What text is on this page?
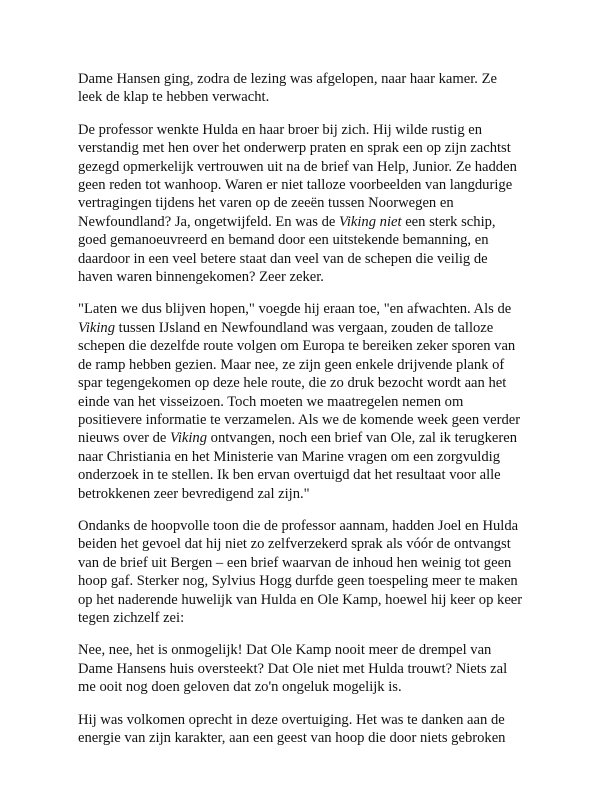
Dame Hansen ging, zodra de lezing was afgelopen, naar haar kamer. Ze
leek de klap te hebben verwacht.

De professor wenkte Hulda en haar broer bij zich. Hij wilde rustig en
verstandig met hen over het onderwerp praten en sprak een op zijn zachtst
gezegd opmerkelijk vertrouwen uit na de brief van Help, Junior. Ze hadden
geen reden tot wanhoop. Waren er niet talloze voorbeelden van langdurige
vertragingen tijdens het varen op de zeeën tussen Noorwegen en
Newfoundland? Ja, ongetwijfeld. En was de Viking niet een sterk schip,
goed gemanoeuvreerd en bemand door een uitstekende bemanning, en
daardoor in een veel betere staat dan veel van de schepen die veilig de
haven waren binnengekomen? Zeer zeker.

"Laten we dus blijven hopen," voegde hij eraan toe, "en afwachten. Als de
Viking tussen IJsland en Newfoundland was vergaan, zouden de talloze
schepen die dezelfde route volgen om Europa te bereiken zeker sporen van
de ramp hebben gezien. Maar nee, ze zijn geen enkele drijvende plank of
spar tegengekomen op deze hele route, die zo druk bezocht wordt aan het
einde van het visseizoen. Toch moeten we maatregelen nemen om
positievere informatie te verzamelen. Als we de komende week geen verder
nieuws over de Viking ontvangen, noch een brief van Ole, zal ik terugkeren
naar Christiania en het Ministerie van Marine vragen om een zorgvuldig
onderzoek in te stellen. Ik ben ervan overtuigd dat het resultaat voor alle
betrokkenen zeer bevredigend zal zijn."

Ondanks de hoopvolle toon die de professor aannam, hadden Joel en Hulda
beiden het gevoel dat hij niet zo zelfverzekerd sprak als vóór de ontvangst
van de brief uit Bergen – een brief waarvan de inhoud hen weinig tot geen
hoop gaf. Sterker nog, Sylvius Hogg durfde geen toespeling meer te maken
op het naderende huwelijk van Hulda en Ole Kamp, hoewel hij keer op keer
tegen zichzelf zei:

Nee, nee, het is onmogelijk! Dat Ole Kamp nooit meer de drempel van
Dame Hansens huis oversteekt? Dat Ole niet met Hulda trouwt? Niets zal
me ooit nog doen geloven dat zo'n ongeluk mogelijk is.

Hij was volkomen oprecht in deze overtuiging. Het was te danken aan de
energie van zijn karakter, aan een geest van hoop die door niets gebroken
